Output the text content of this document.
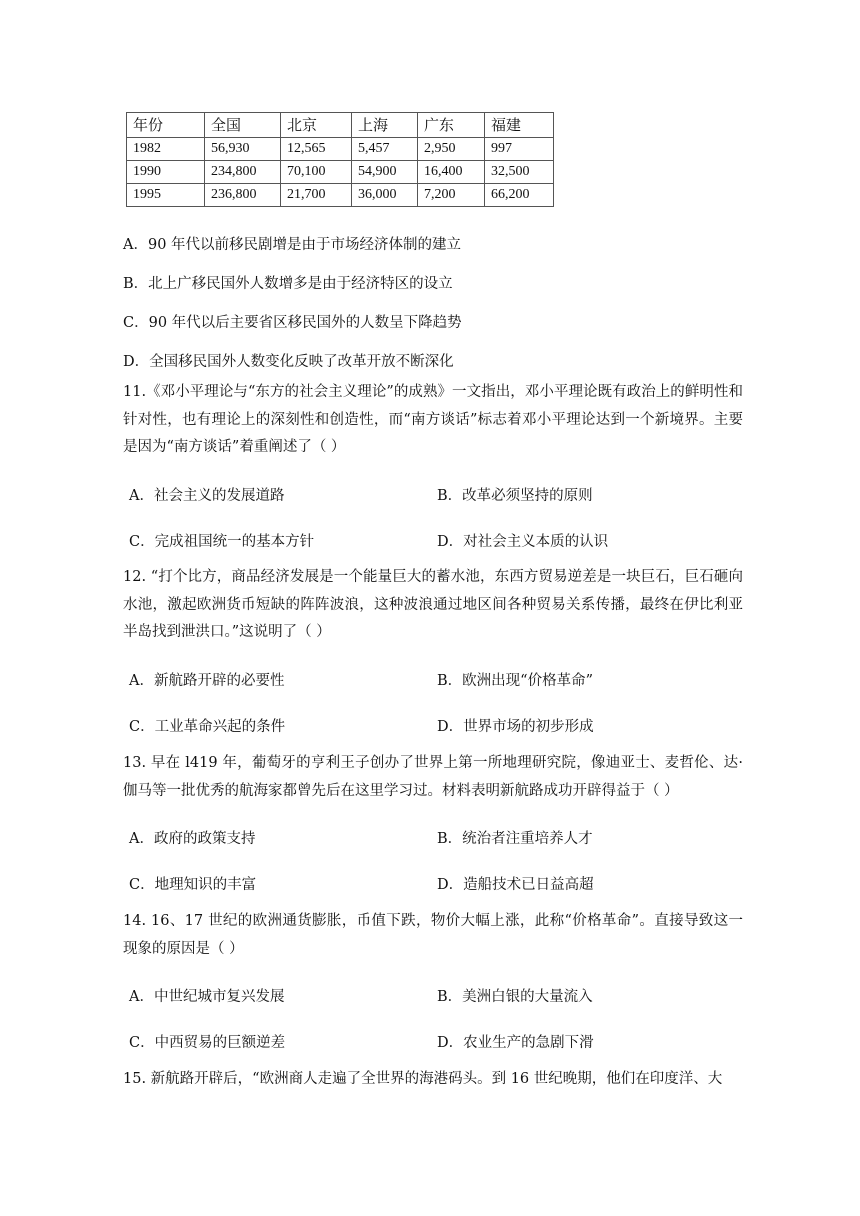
年份	全国	北京	上海	广东	福建
1982	56,930	12,565	5,457	2,950	997
1990	234,800	70,100	54,900	16,400	32,500
1995	236,800	21,700	36,000	7,200	66,200
A．90 年代以前移民剧增是由于市场经济体制的建立
B．北上广移民国外人数增多是由于经济特区的设立
C．90 年代以后主要省区移民国外的人数呈下降趋势
D．全国移民国外人数变化反映了改革开放不断深化
11.《邓小平理论与“东方的社会主义理论”的成熟》一文指出，邓小平理论既有政治上的鲜明性和针对性，也有理论上的深刻性和创造性，而“南方谈话”标志着邓小平理论达到一个新境界。主要是因为“南方谈话”着重阐述了（ ）
A．社会主义的发展道路	B．改革必须坚持的原则
C．完成祖国统一的基本方针	D．对社会主义本质的认识
12. “打个比方，商品经济发展是一个能量巨大的蓄水池，东西方贸易逆差是一块巨石，巨石砸向水池，激起欧洲货币短缺的阵阵波浪，这种波浪通过地区间各种贸易关系传播，最终在伊比利亚半岛找到泄洪口。”这说明了（ ）
A．新航路开辟的必要性	B．欧洲出现“价格革命”
C．工业革命兴起的条件	D．世界市场的初步形成
13. 早在 l419 年，葡萄牙的亨利王子创办了世界上第一所地理研究院，像迪亚士、麦哲伦、达·伽马等一批优秀的航海家都曾先后在这里学习过。材料表明新航路成功开辟得益于（ ）
A．政府的政策支持	B．统治者注重培养人才
C．地理知识的丰富	D．造船技术已日益高超
14. 16、17 世纪的欧洲通货膨胀，币值下跌，物价大幅上涨，此称“价格革命”。直接导致这一现象的原因是（ ）
A．中世纪城市复兴发展	B．美洲白银的大量流入
C．中西贸易的巨额逆差	D．农业生产的急剧下滑
15. 新航路开辟后，“欧洲商人走遍了全世界的海港码头。到 16 世纪晚期，他们在印度洋、大
